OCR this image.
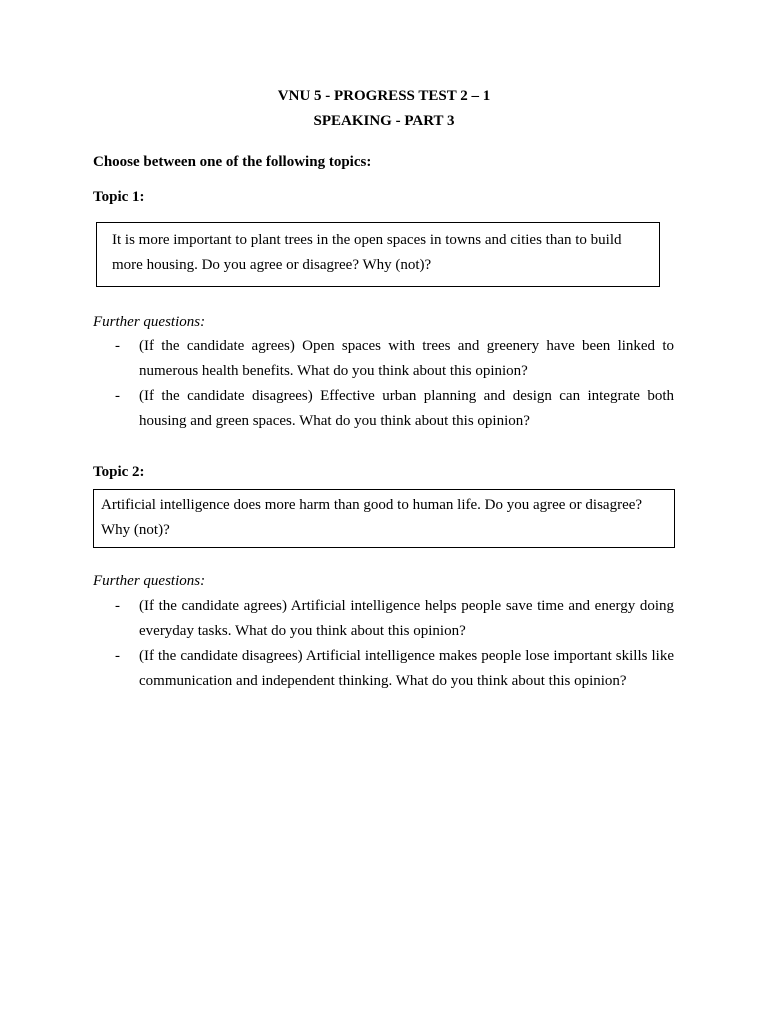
VNU 5 - PROGRESS TEST 2 – 1
SPEAKING - PART 3
Choose between one of the following topics:
Topic 1:
It is more important to plant trees in the open spaces in towns and cities than to build more housing. Do you agree or disagree? Why (not)?
Further questions:
- (If the candidate agrees) Open spaces with trees and greenery have been linked to numerous health benefits. What do you think about this opinion?
- (If the candidate disagrees) Effective urban planning and design can integrate both housing and green spaces. What do you think about this opinion?
Topic 2:
Artificial intelligence does more harm than good to human life. Do you agree or disagree? Why (not)?
Further questions:
- (If the candidate agrees) Artificial intelligence helps people save time and energy doing everyday tasks. What do you think about this opinion?
- (If the candidate disagrees) Artificial intelligence makes people lose important skills like communication and independent thinking. What do you think about this opinion?
